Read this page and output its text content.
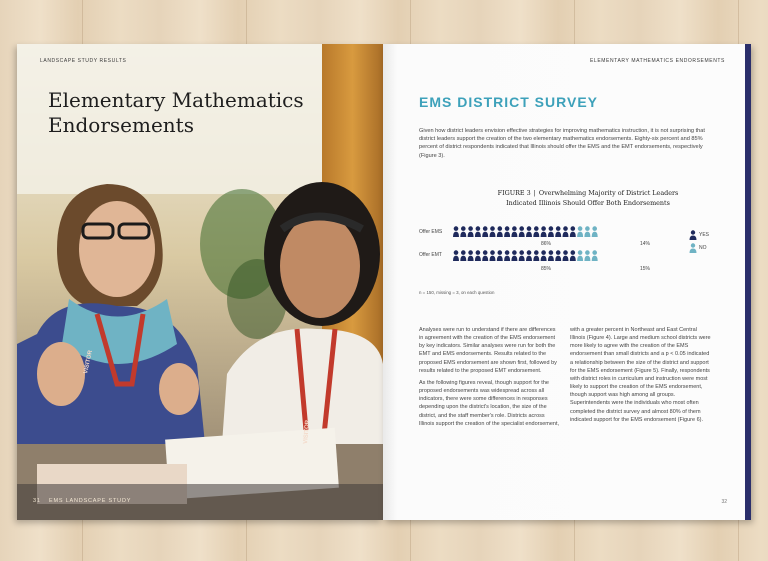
LANDSCAPE STUDY RESULTS
Elementary Mathematics
Endorsements
31 EMS LANDSCAPE STUDY
VISITOR
VISITOR
ELEMENTARY MATHEMATICS ENDORSEMENTS
EMS DISTRICT SURVEY

Given how district leaders envision effective strategies for improving mathematics instruction, it is not surprising that district leaders support the creation of the two elementary mathematics endorsements. Eighty-six percent and 85% percent of district respondents indicated that Illinois should offer the EMS and the EMT endorsements, respectively (Figure 3).

FIGURE 3 | Overwhelming Majority of District Leaders
Indicated Illinois Should Offer Both Endorsements
Offer EMS
Offer EMT
86%	14%
85%	15%
YES
NO
n = 150, missing = 3, on each question

Analyses were run to understand if there are differences in agreement with the creation of the EMS endorsement by key indicators. Similar analyses were run for both the EMT and EMS endorsements. Results related to the proposed EMS endorsement are shown first, followed by results related to the proposed EMT endorsement.

As the following figures reveal, though support for the proposed endorsements was widespread across all indicators, there were some differences in responses depending upon the district's location, the size of the district, and the staff member's role. Districts across Illinois support the creation of the specialist endorsement,

with a greater percent in Northeast and East Central Illinois (Figure 4). Large and medium school districts were more likely to agree with the creation of the EMS endorsement than small districts and a p < 0.05 indicated a relationship between the size of the district and support for the EMS endorsement (Figure 5). Finally, respondents with district roles in curriculum and instruction were most likely to support the creation of the EMS endorsement, though support was high among all groups. Superintendents were the individuals who most often completed the district survey and almost 80% of them indicated support for the EMS endorsement (Figure 6).

32
